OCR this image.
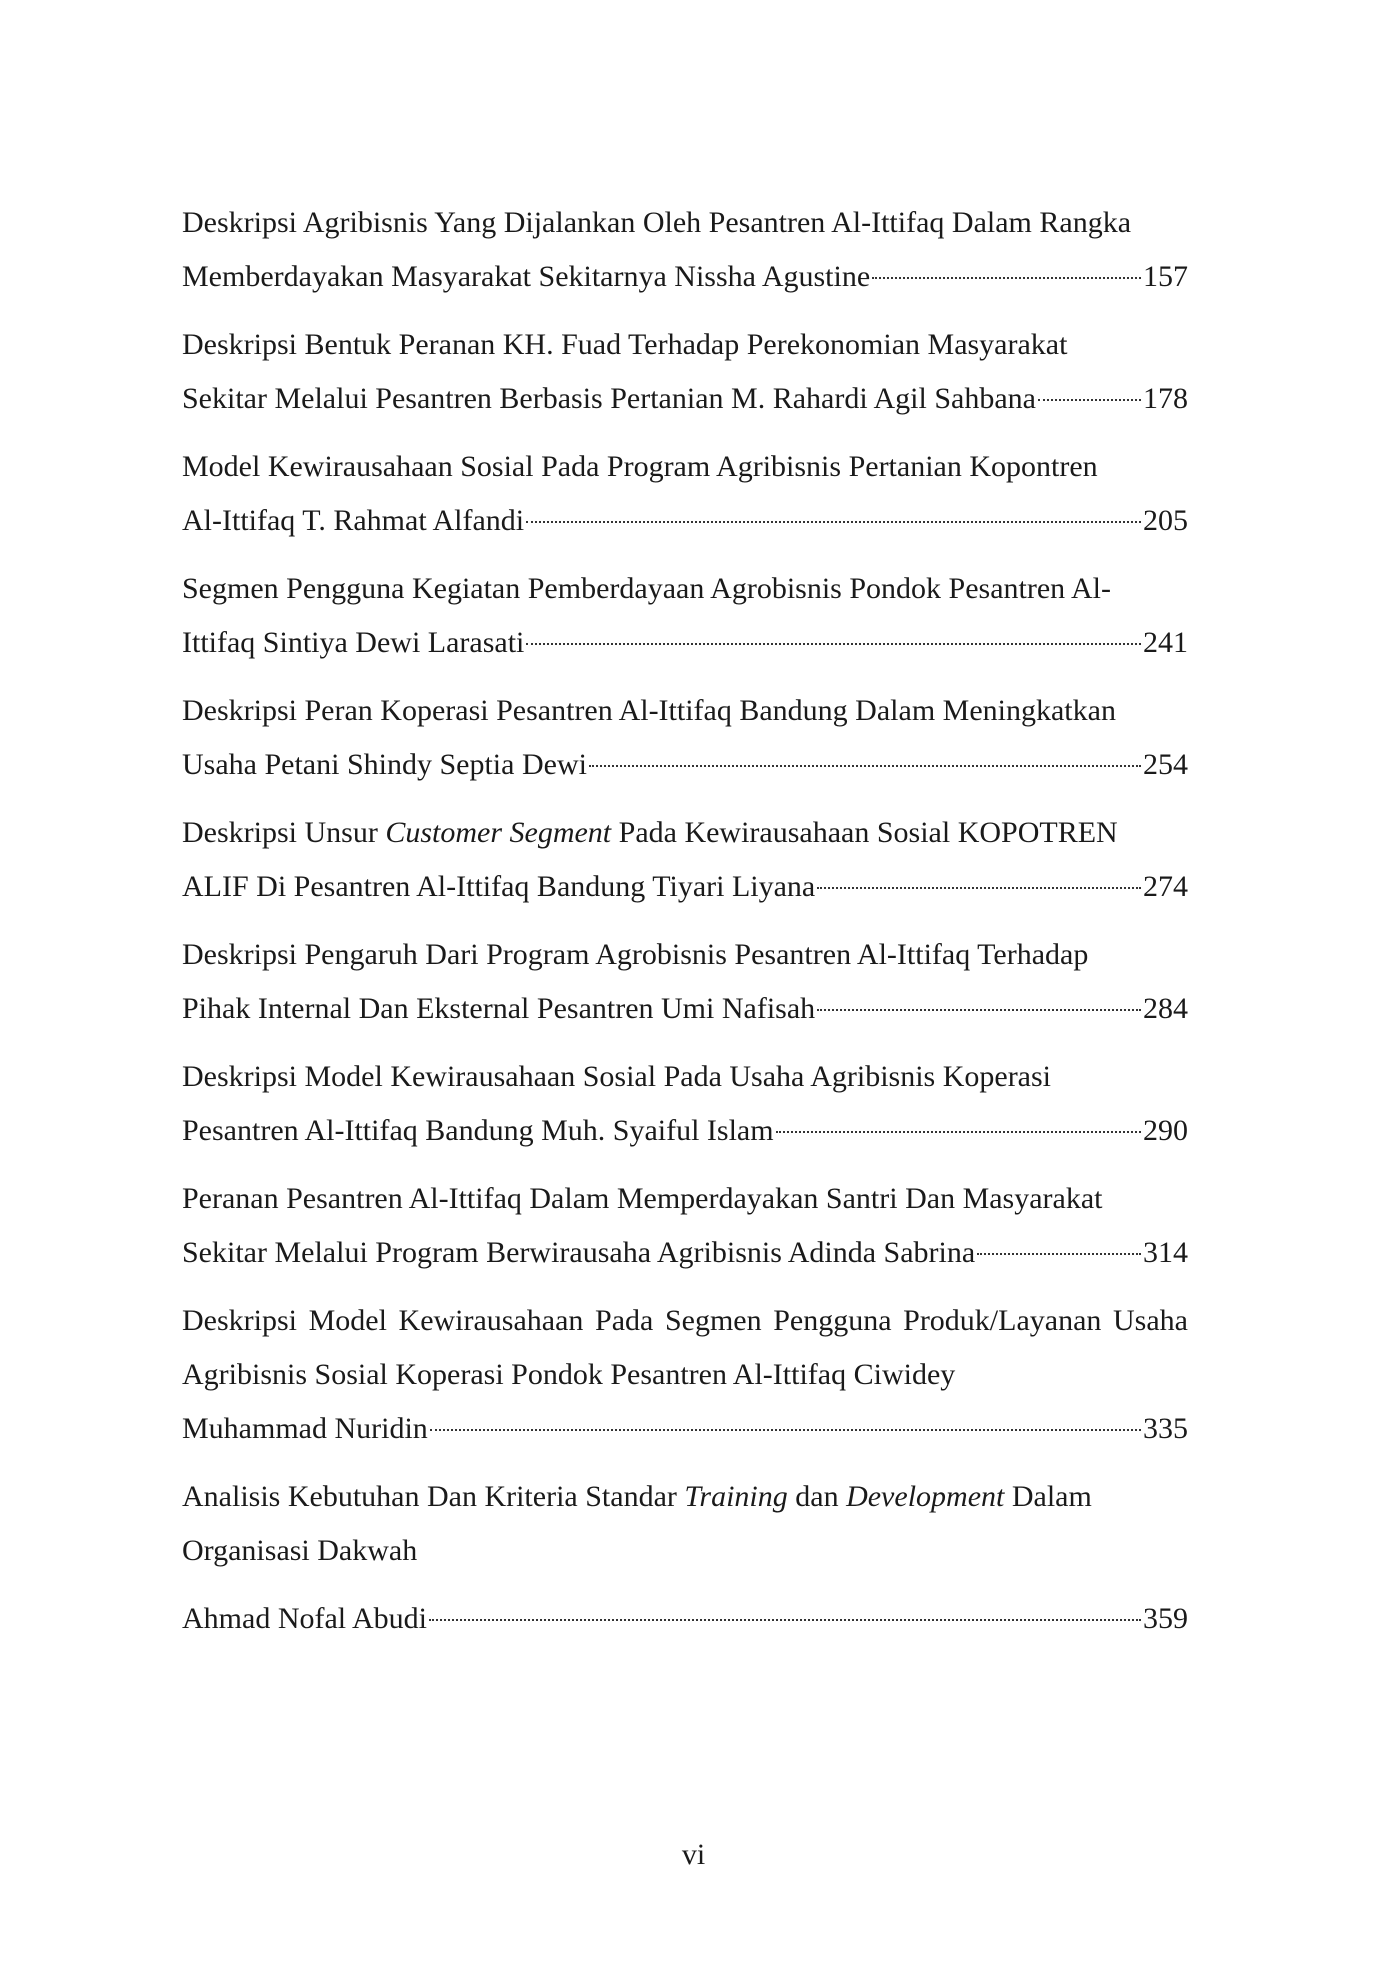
Deskripsi Agribisnis Yang Dijalankan Oleh Pesantren Al-Ittifaq Dalam Rangka
Memberdayakan Masyarakat Sekitarnya Nissha Agustine	157
Deskripsi Bentuk Peranan KH. Fuad Terhadap Perekonomian Masyarakat
Sekitar Melalui Pesantren Berbasis Pertanian M. Rahardi Agil Sahbana	178
Model Kewirausahaan Sosial Pada Program Agribisnis Pertanian Kopontren
Al-Ittifaq T. Rahmat Alfandi	205
Segmen Pengguna Kegiatan Pemberdayaan Agrobisnis Pondok Pesantren Al-
Ittifaq Sintiya Dewi Larasati	241
Deskripsi Peran Koperasi Pesantren Al-Ittifaq Bandung Dalam Meningkatkan
Usaha Petani Shindy Septia Dewi	254
Deskripsi Unsur Customer Segment Pada Kewirausahaan Sosial KOPOTREN
ALIF Di Pesantren Al-Ittifaq Bandung Tiyari Liyana	274
Deskripsi Pengaruh Dari Program Agrobisnis Pesantren Al-Ittifaq Terhadap
Pihak Internal Dan Eksternal Pesantren Umi Nafisah	284
Deskripsi Model Kewirausahaan Sosial Pada Usaha Agribisnis Koperasi
Pesantren Al-Ittifaq Bandung Muh. Syaiful Islam	290
Peranan Pesantren Al-Ittifaq Dalam Memperdayakan Santri Dan Masyarakat
Sekitar Melalui Program Berwirausaha Agribisnis Adinda Sabrina	314
Deskripsi Model Kewirausahaan Pada Segmen Pengguna Produk/Layanan Usaha Agribisnis Sosial Koperasi Pondok Pesantren Al-Ittifaq Ciwidey
Muhammad Nuridin	335
Analisis Kebutuhan Dan Kriteria Standar Training dan Development Dalam
Organisasi Dakwah
Ahmad Nofal Abudi	359
vi
